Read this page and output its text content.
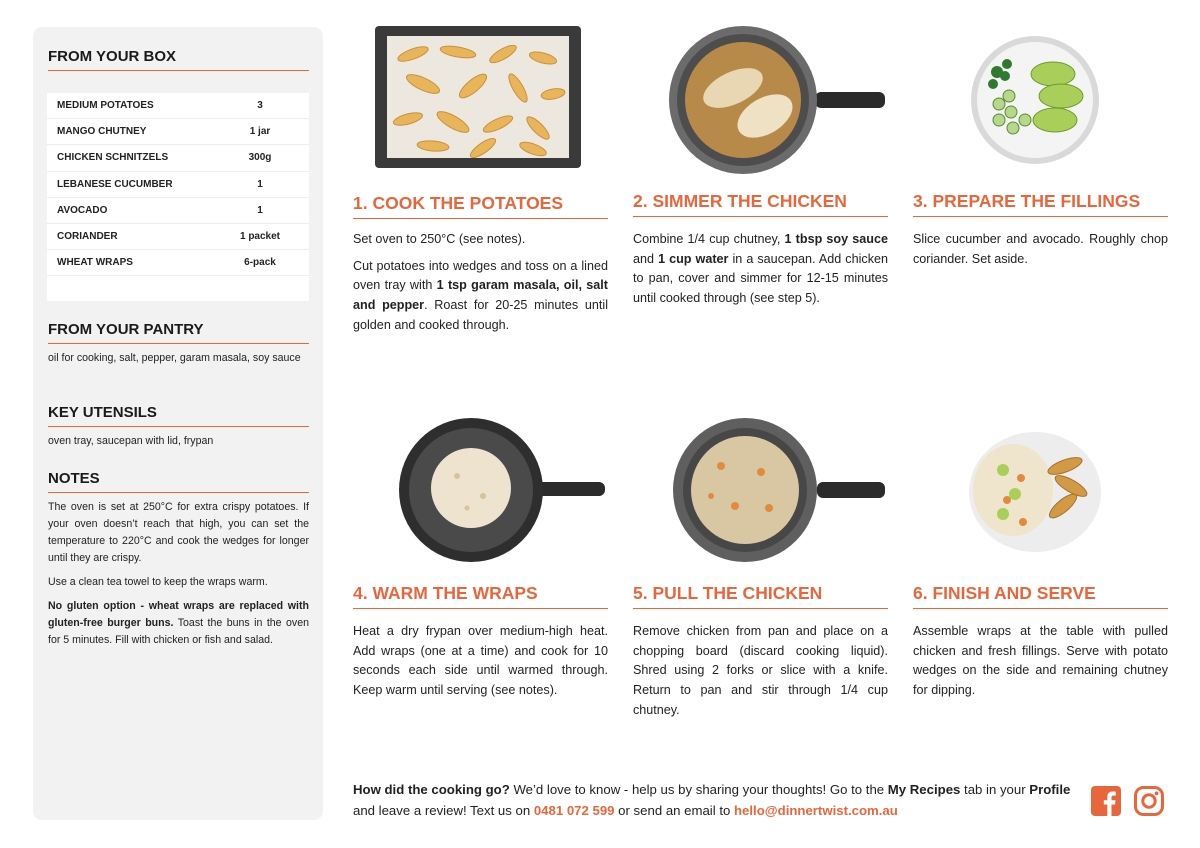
FROM YOUR BOX
MEDIUM POTATOES	3
MANGO CHUTNEY	1 jar
CHICKEN SCHNITZELS	300g
LEBANESE CUCUMBER	1
AVOCADO	1
CORIANDER	1 packet
WHEAT WRAPS	6-pack
FROM YOUR PANTRY
oil for cooking, salt, pepper, garam masala, soy sauce
KEY UTENSILS
oven tray, saucepan with lid, frypan
NOTES

The oven is set at 250°C for extra crispy potatoes. If your oven doesn’t reach that high, you can set the temperature to 220°C and cook the wedges for longer until they are crispy.

Use a clean tea towel to keep the wraps warm.

No gluten option - wheat wraps are replaced with gluten-free burger buns. Toast the buns in the oven for 5 minutes. Fill with chicken or fish and salad.

1. COOK THE POTATOES

Set oven to 250°C (see notes).

Cut potatoes into wedges and toss on a lined oven tray with 1 tsp garam masala, oil, salt and pepper. Roast for 20-25 minutes until golden and cooked through.

2. SIMMER THE CHICKEN

Combine 1/4 cup chutney, 1 tbsp soy sauce and 1 cup water in a saucepan. Add chicken to pan, cover and simmer for 12-15 minutes until cooked through (see step 5).

3. PREPARE THE FILLINGS
Slice cucumber and avocado. Roughly chop coriander. Set aside.
4. WARM THE WRAPS
Heat a dry frypan over medium-high heat. Add wraps (one at a time) and cook for 10 seconds each side until warmed through. Keep warm until serving (see notes).
5. PULL THE CHICKEN
Remove chicken from pan and place on a chopping board (discard cooking liquid). Shred using 2 forks or slice with a knife. Return to pan and stir through 1/4 cup chutney.
6. FINISH AND SERVE
Assemble wraps at the table with pulled chicken and fresh fillings. Serve with potato wedges on the side and remaining chutney for dipping.
How did the cooking go? We’d love to know - help us by sharing your thoughts! Go to the My Recipes tab in your Profile and leave a review! Text us on 0481 072 599 or send an email to hello@dinnertwist.com.au
